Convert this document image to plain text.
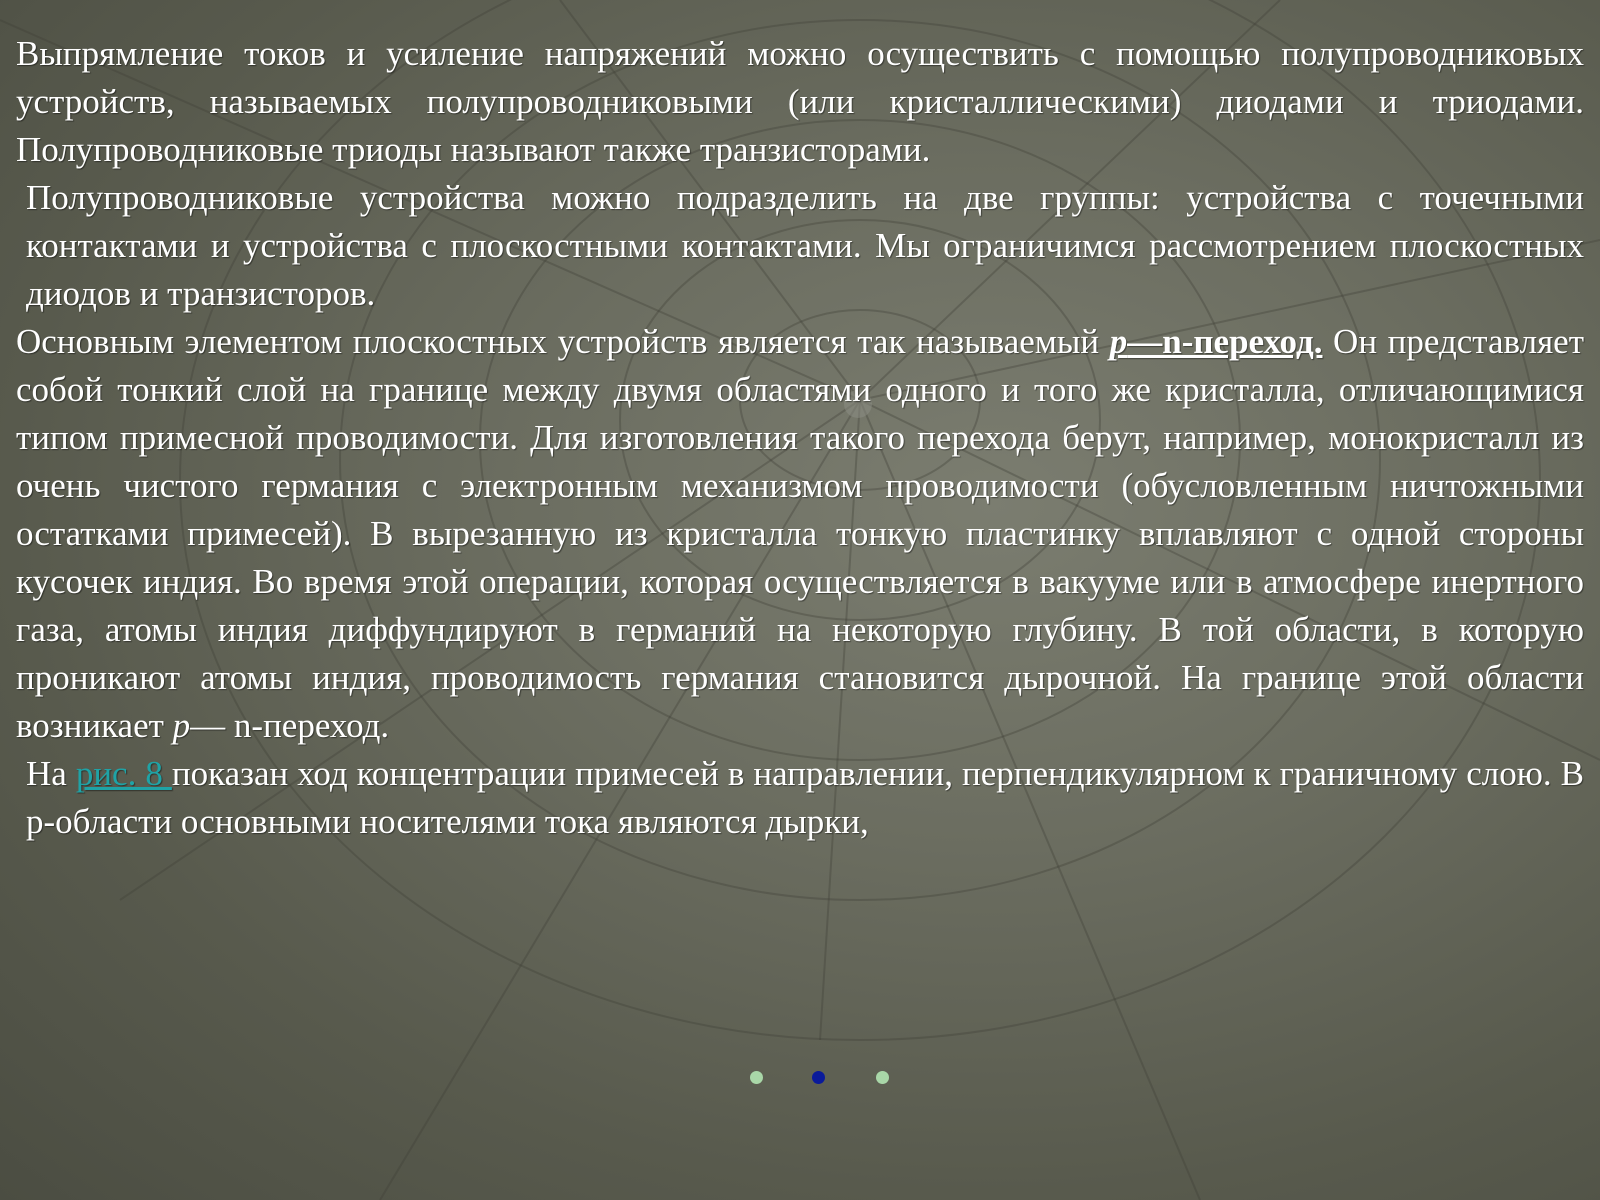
Выпрямление токов и усиление напряжений можно осуществить с помощью полупроводниковых устройств, называемых полупроводниковыми (или кристаллическими) диодами и триодами. Полупроводниковые триоды называют также транзисторами.

Полупроводниковые устройства можно подразделить на две группы: устройства с точечными контактами и устройства с плоскостными контактами. Мы ограничимся рассмотрением плоскостных диодов и транзисторов.

Основным элементом плоскостных устройств является так называемый р—n-переход. Он представляет собой тонкий слой на границе между двумя областями одного и того же кристалла, отличающимися типом примесной проводимости. Для изготовления такого перехода берут, например, монокристалл из очень чистого германия с электронным механизмом проводимости (обусловленным ничтожными остатками примесей). В вырезанную из кристалла тонкую пластинку вплавляют с одной стороны кусочек индия. Во время этой операции, которая осуществляется в вакууме или в атмосфере инертного газа, атомы индия диффундируют в германий на некоторую глубину. В той области, в которую проникают атомы индия, проводимость германия становится дырочной. На границе этой области возникает р— n-переход.

На рис. 8 показан ход концентрации примесей в направлении, перпендикулярном к граничному слою. В р-области основными носителями тока являются дырки,
